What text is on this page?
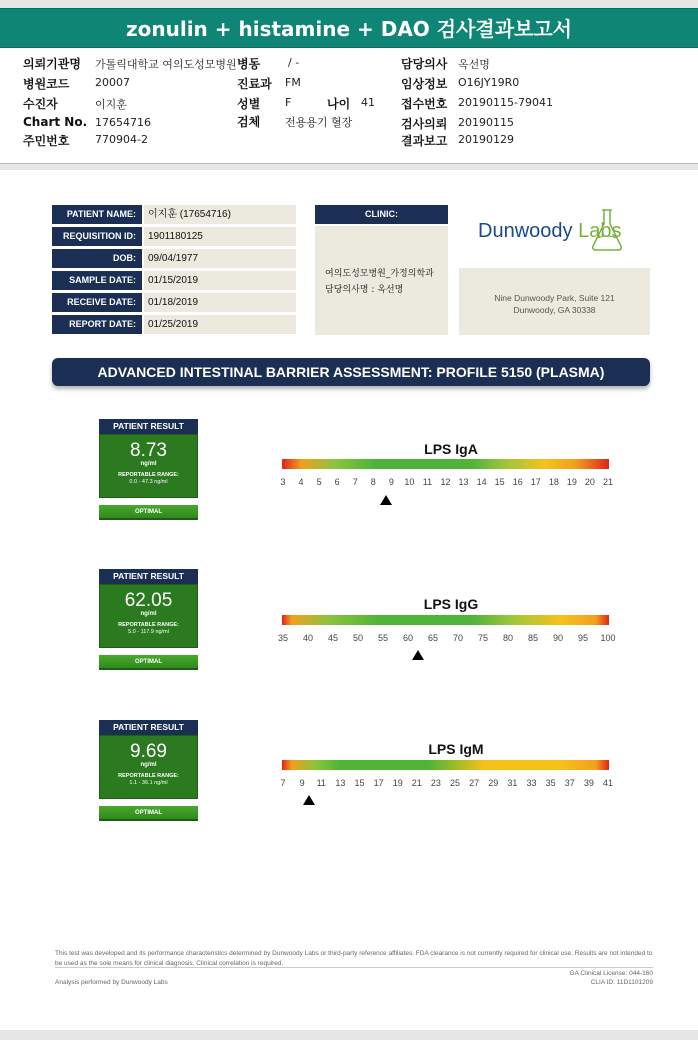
zonulin + histamine + DAO 검사결과보고서
의뢰기관명 가톨릭대학교 여의도성모병원
병원코드 20007
수진자	이지훈
Chart No. 17654716
주민번호 770904-2
병동	/ -
진료과 FM
성별 F	나이 41
검체 전용용기 혈장
담당의사 옥선명
임상정보 O16JY19R0
접수번호 20190115-79041
검사의뢰 20190115
결과보고 20190129
PATIENT NAME:	이지훈 (17654716)
REQUISITION ID:	1901180125
DOB:	09/04/1977
SAMPLE DATE:	01/15/2019
RECEIVE DATE:	01/18/2019
REPORT DATE:	01/25/2019
CLINIC:
여의도성모병원_가정의학과
담당의사명 : 옥선명
Dunwoody Labs
Nine Dunwoody Park, Suite 121
Dunwoody, GA 30338
ADVANCED INTESTINAL BARRIER ASSESSMENT: PROFILE 5150 (PLASMA)
PATIENT RESULT
8.73
ng/ml
REPORTABLE RANGE:
0.0 - 47.3 ng/ml
OPTIMAL
LPS IgA
3 4 5 6 7 8 9 10 11 12 13 14 15 16 17 18 19 20 21
PATIENT RESULT
62.05
ng/ml
REPORTABLE RANGE:
5.0 - 117.9 ng/ml
OPTIMAL
LPS IgG
35 40 45 50 55 60 65 70 75 80 85 90 95 100
PATIENT RESULT
9.69
ng/ml
REPORTABLE RANGE:
1.1 - 36.1 ng/ml
OPTIMAL
LPS IgM
7 9 11 13 15 17 19 21 23 25 27 29 31 33 35 37 39 41
This test was developed and its performance characteristics determined by Dunwoody Labs or third-party reference affiliates. FDA clearance is not currently required for clinical use. Results are not intended to be used as the sole means for clinical diagnosis. Clinical correlation is required.
GA Clinical License: 044-160
CLIA ID: 11D1101209
Analysis performed by Dunwoody Labs
